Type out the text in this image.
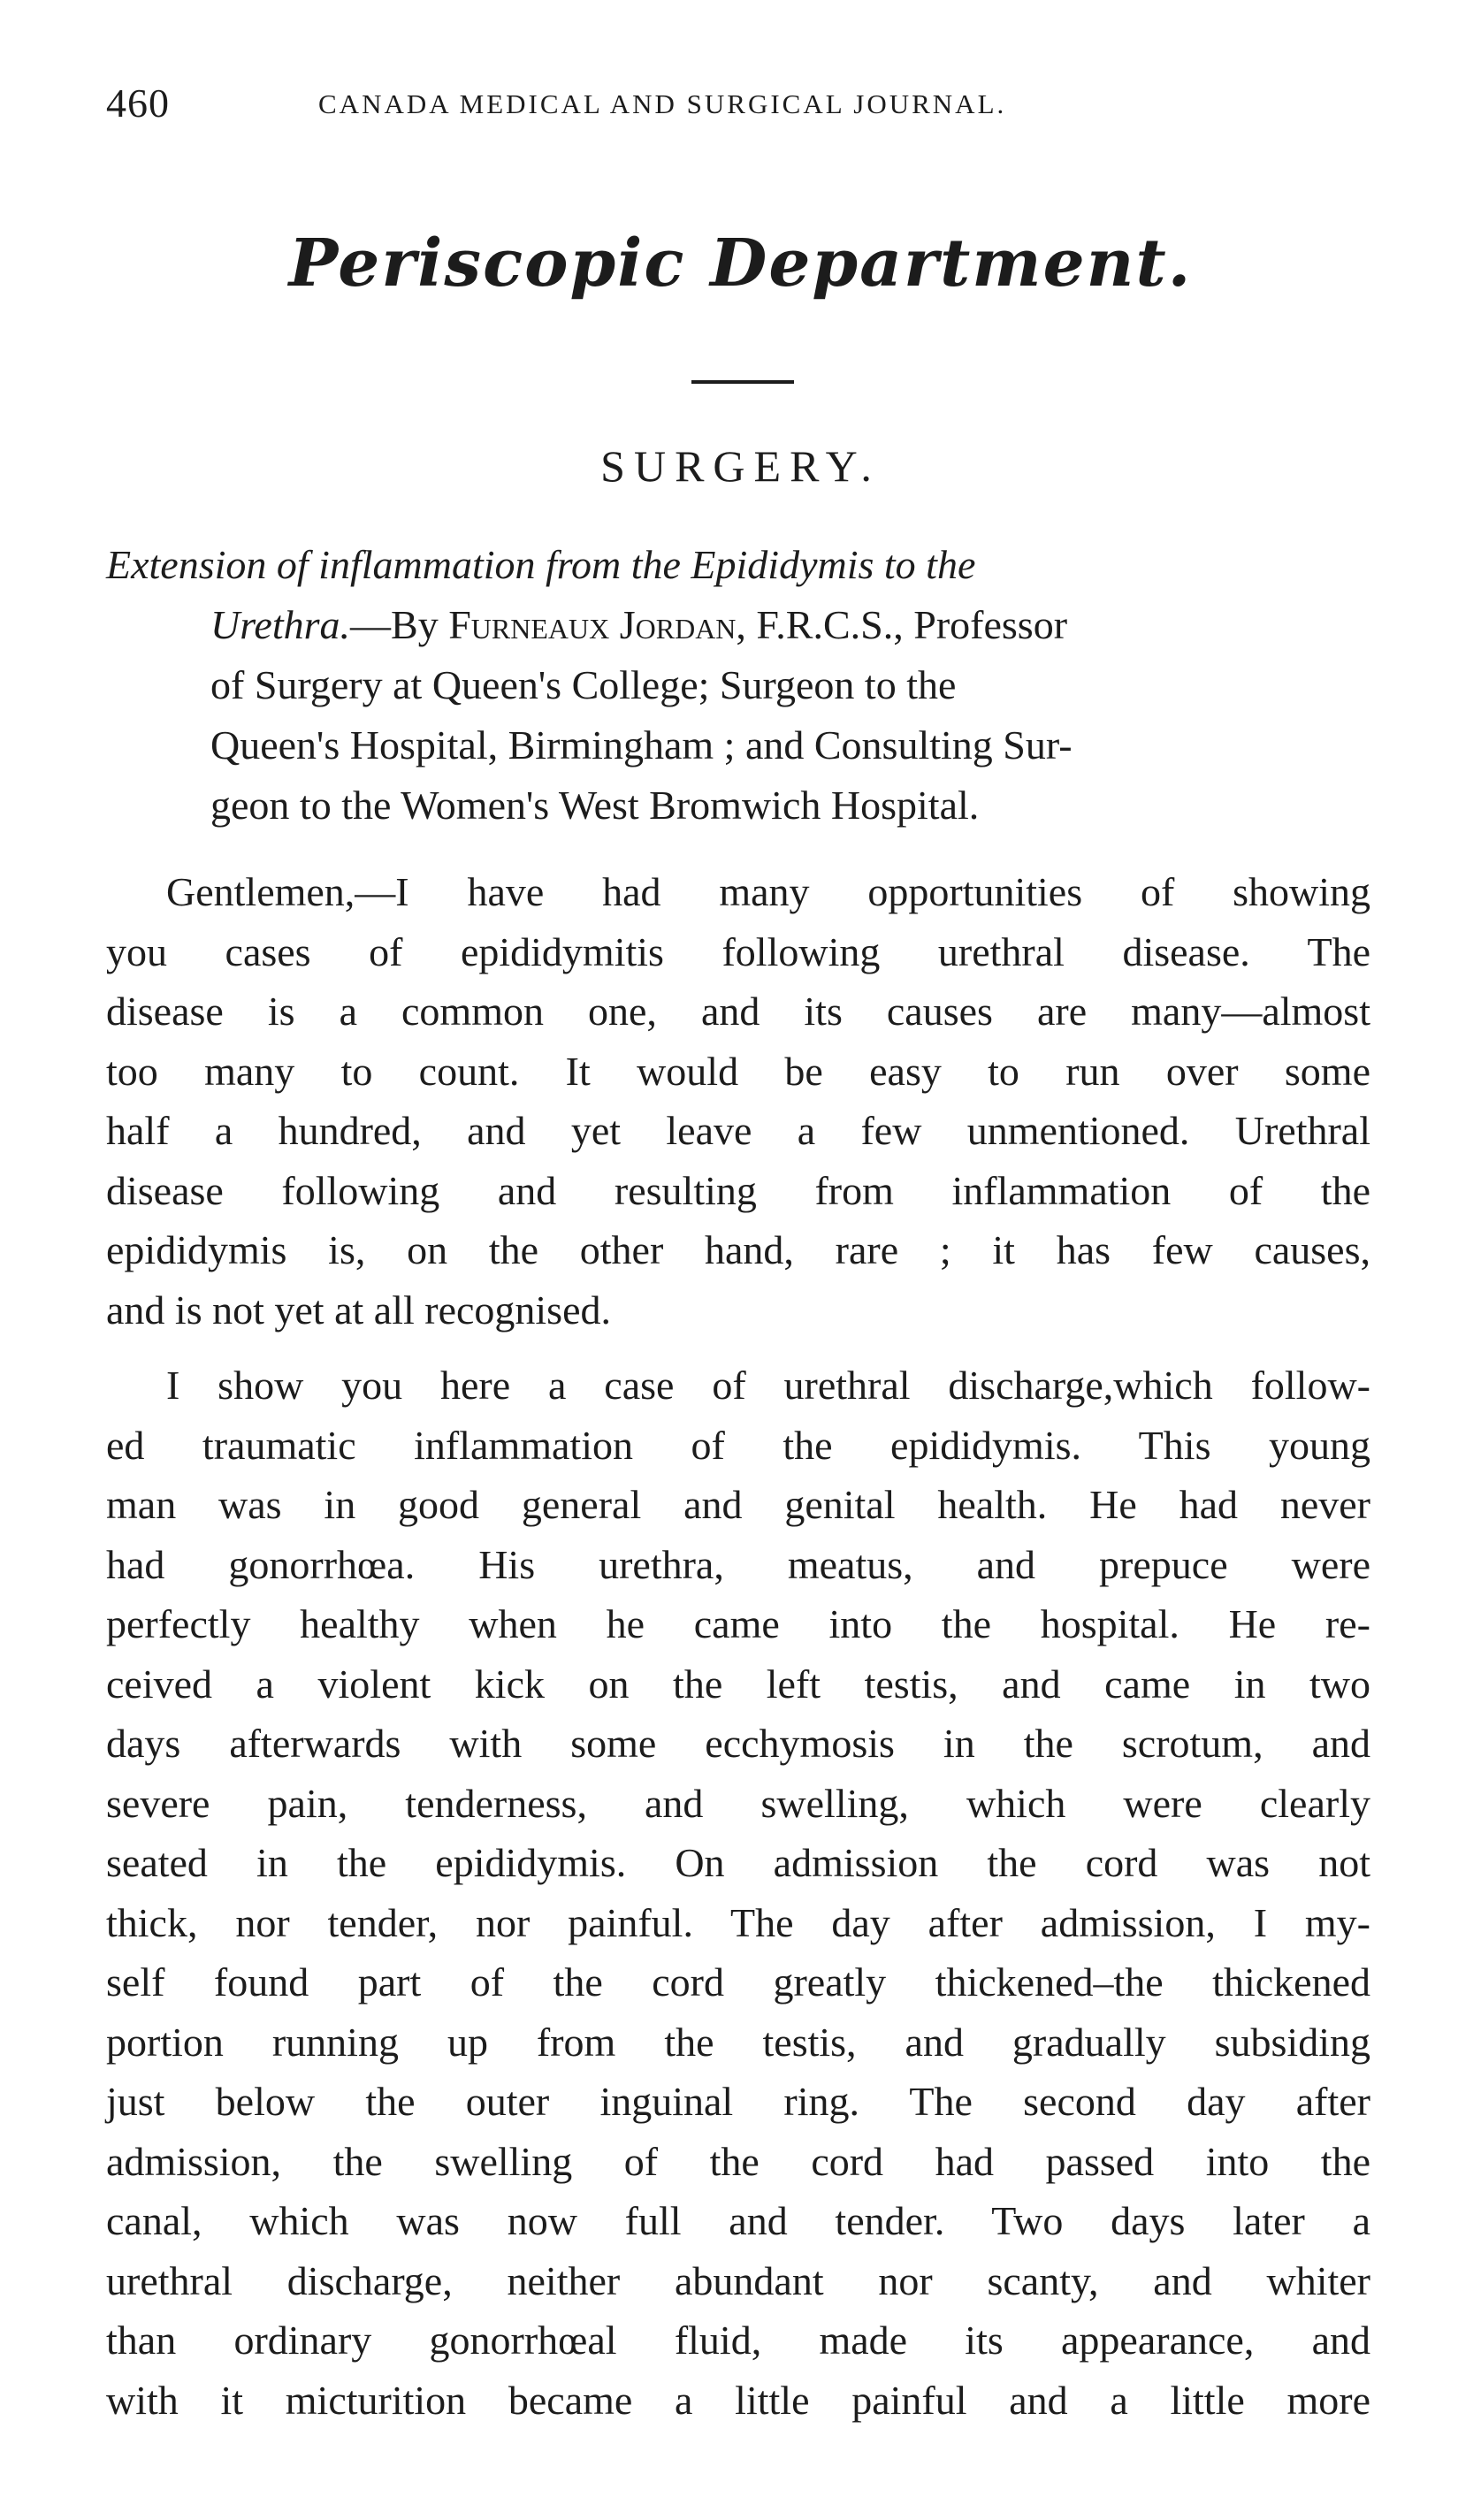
460	CANADA MEDICAL AND SURGICAL JOURNAL.
Periscopic Department.
SURGERY.
Extension of inflammation from the Epididymis to the
Urethra.—By Furneaux Jordan, F.R.C.S., Professor
of Surgery at Queen's College; Surgeon to the
Queen's Hospital, Birmingham ; and Consulting Sur-
geon to the Women's West Bromwich Hospital.
Gentlemen,—I have had many opportunities of showing
you cases of epididymitis following urethral disease. The
disease is a common one, and its causes are many—almost
too many to count. It would be easy to run over some
half a hundred, and yet leave a few unmentioned. Urethral
disease following and resulting from inflammation of the
epididymis is, on the other hand, rare ; it has few causes,
and is not yet at all recognised.
I show you here a case of urethral discharge,which follow-
ed traumatic inflammation of the epididymis. This young
man was in good general and genital health. He had never
had gonorrhœa. His urethra, meatus, and prepuce were
perfectly healthy when he came into the hospital. He re-
ceived a violent kick on the left testis, and came in two
days afterwards with some ecchymosis in the scrotum, and
severe pain, tenderness, and swelling, which were clearly
seated in the epididymis. On admission the cord was not
thick, nor tender, nor painful. The day after admission, I my-
self found part of the cord greatly thickened–the thickened
portion running up from the testis, and gradually subsiding
just below the outer inguinal ring. The second day after
admission, the swelling of the cord had passed into the
canal, which was now full and tender. Two days later a
urethral discharge, neither abundant nor scanty, and whiter
than ordinary gonorrhœal fluid, made its appearance, and
with it micturition became a little painful and a little more
